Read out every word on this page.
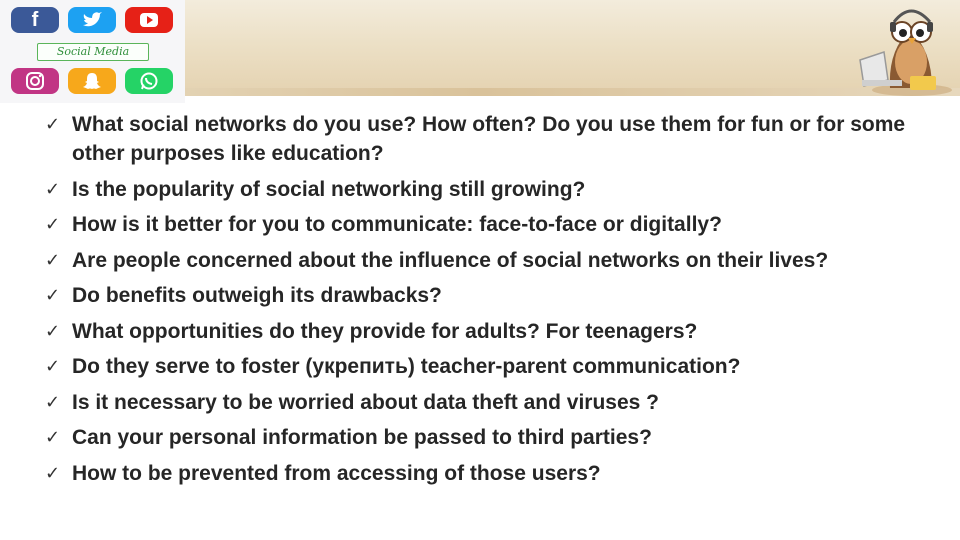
f
Social Media
✓ What social networks do you use? How often? Do you use them for fun or for some other purposes like education?
✓ Is the popularity of social networking still growing?
✓ How is it better for you to communicate: face-to-face or digitally?
✓ Are people concerned about the influence of social networks on their lives?
✓ Do benefits outweigh its drawbacks?
✓ What opportunities do they provide for adults? For teenagers?
✓ Do they serve to foster (укрепить) teacher-parent communication?
✓ Is it necessary to be worried about data theft and viruses ?
✓ Can your personal information be passed to third parties?
✓ How to be prevented from accessing of those users?
